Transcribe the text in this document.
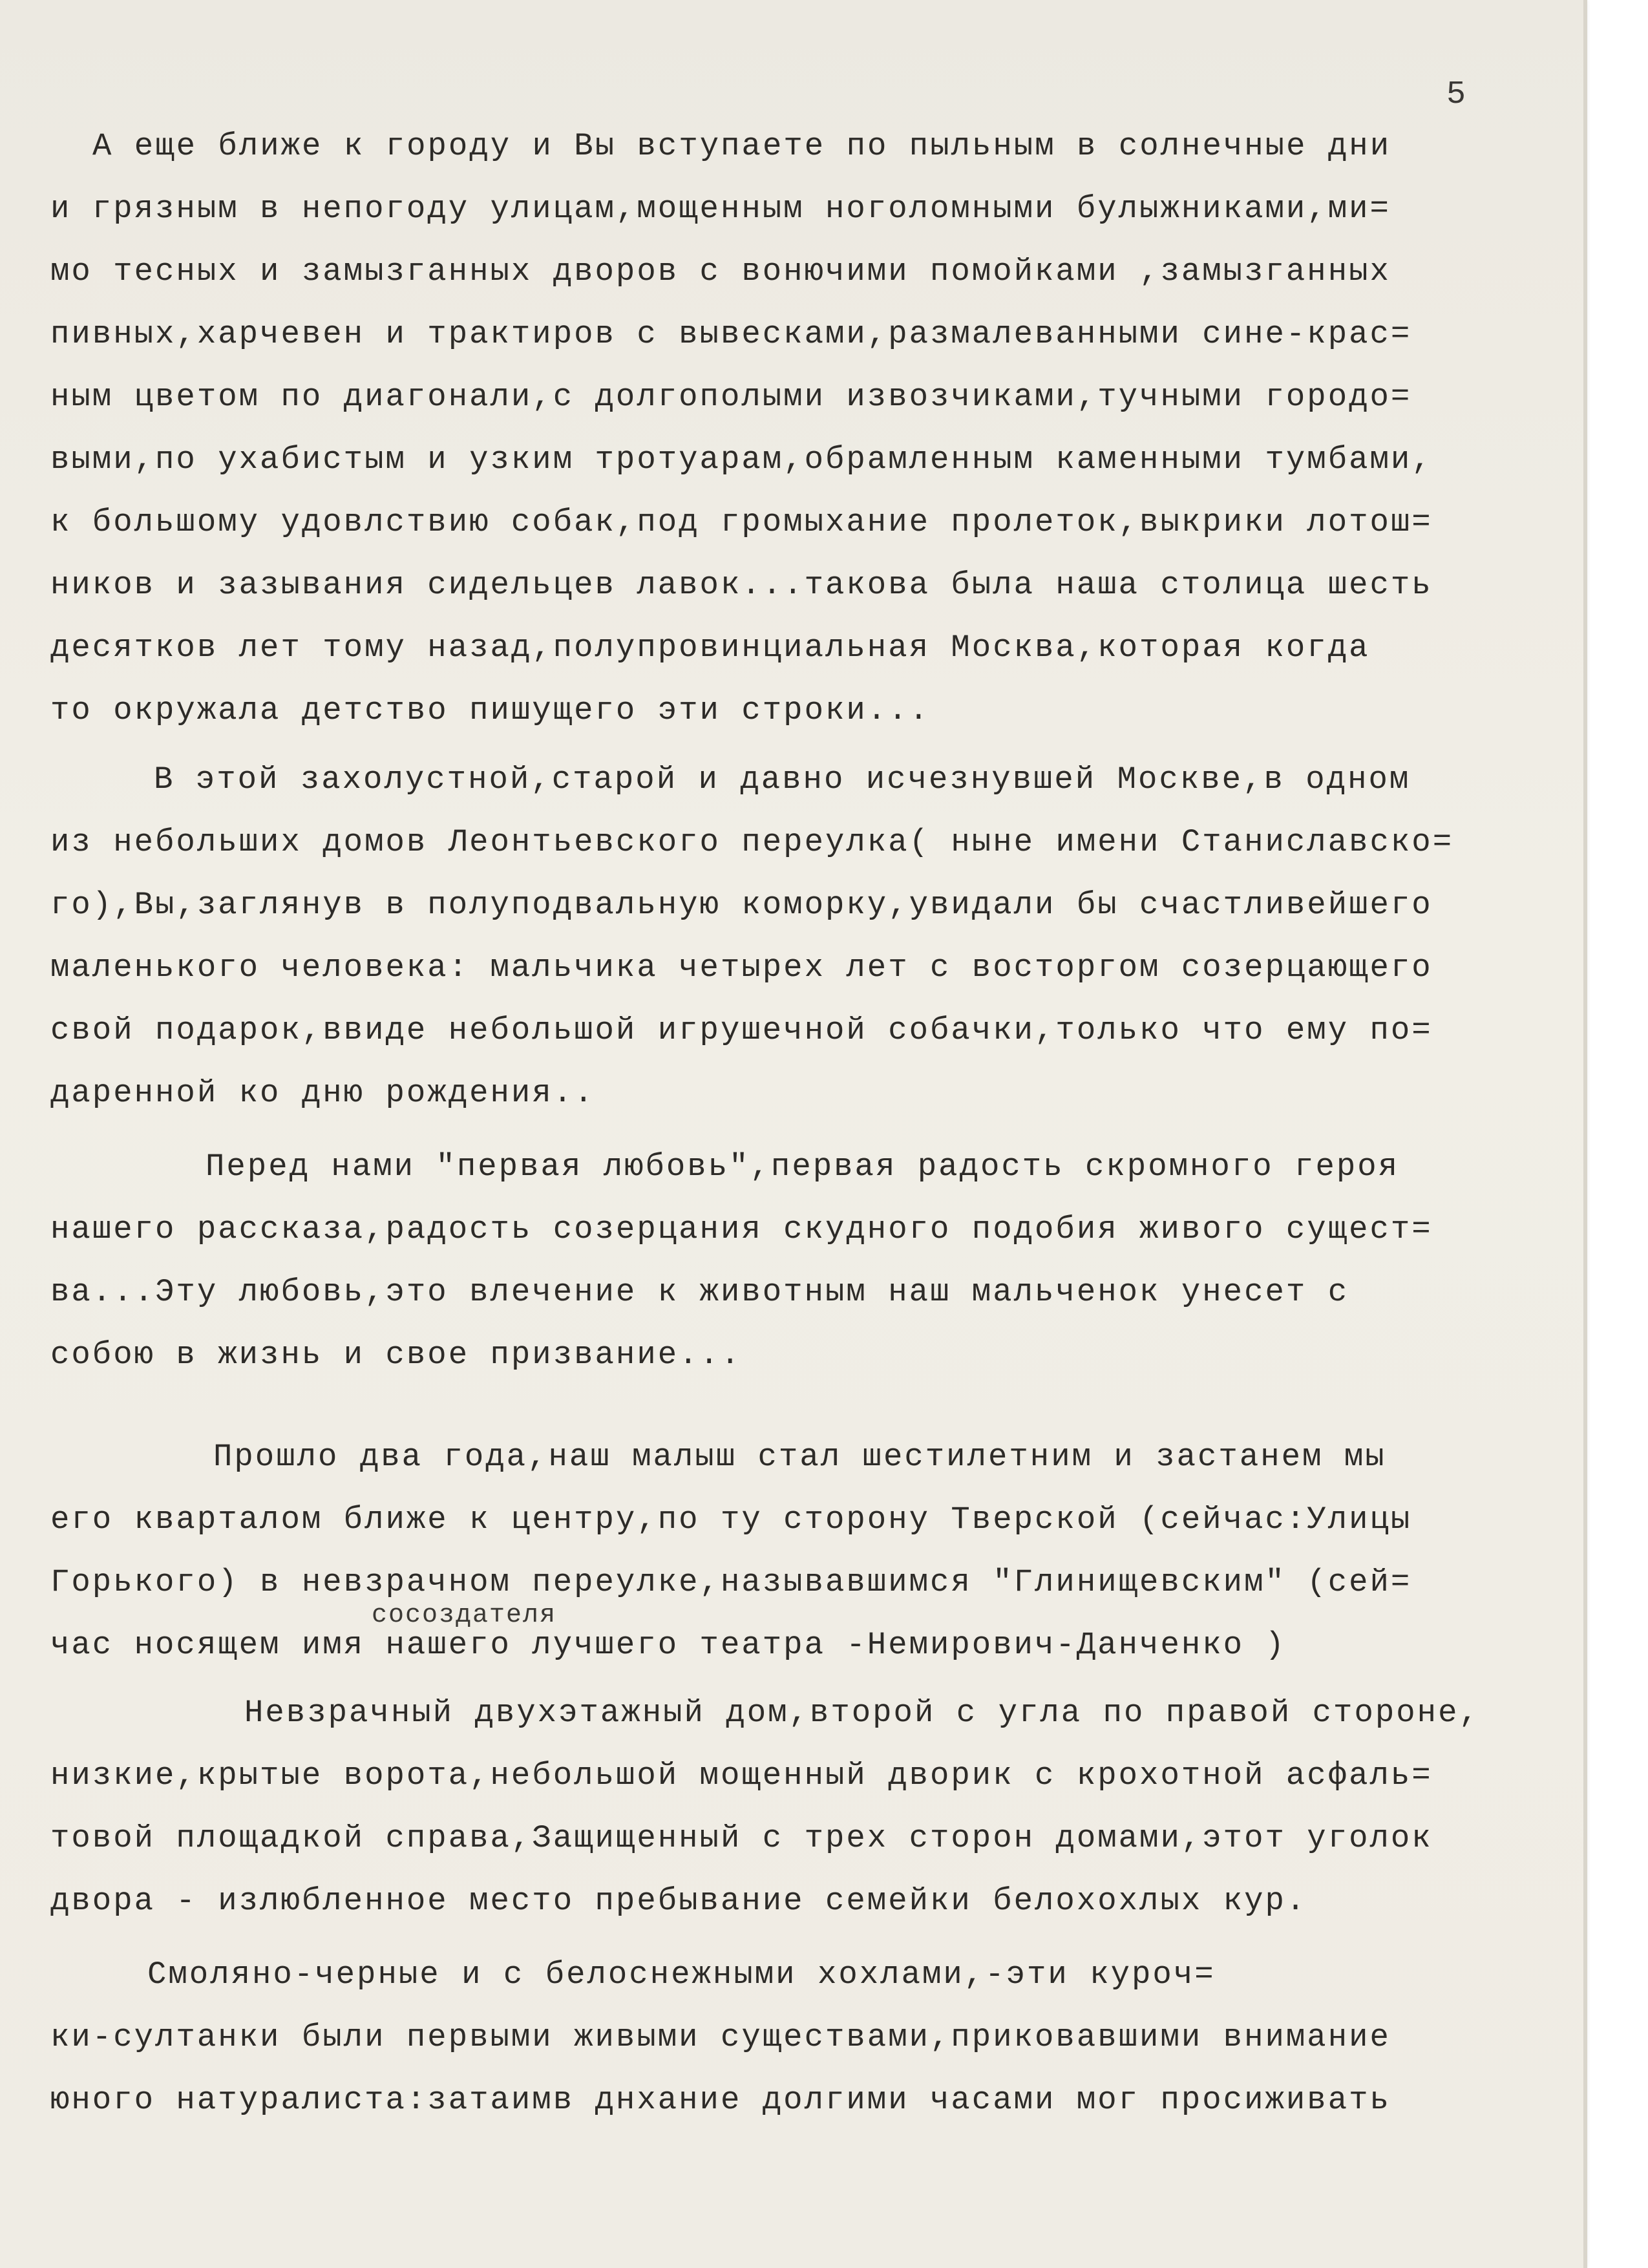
5
А еще ближе к городу и Вы вступаете по пыльным в солнечные дни
и грязным в непогоду улицам,мощенным ноголомными булыжниками,ми=
мо тесных и замызганных дворов с вонючими помойками ,замызганных
пивных,харчевен и трактиров с вывесками,размалеванными сине-крас=
ным цветом по диагонали,с долгополыми извозчиками,тучными городо=
выми,по ухабистым и узким тротуарам,обрамленным каменными тумбами,
к большому удовлствию собак,под громыхание пролеток,выкрики лотош=
ников и зазывания сидельцев лавок...такова была наша столица шесть
десятков лет тому назад,полупровинциальная Москва,которая когда
то окружала детство пишущего эти строки...
В этой захолустной,старой и давно исчезнувшей Москве,в одном
из небольших домов Леонтьевского переулка( ныне имени Станиславско=
го),Вы,заглянув в полуподвальную коморку,увидали бы счастливейшего
маленького человека: мальчика четырех лет с восторгом созерцающего
свой подарок,ввиде небольшой игрушечной собачки,только что ему по=
даренной ко дню рождения..
Перед нами "первая любовь",первая радость скромного героя
нашего рассказа,радость созерцания скудного подобия живого сущест=
ва...Эту любовь,это влечение к животным наш мальченок унесет с
собою в жизнь и свое призвание...
Прошло два года,наш малыш стал шестилетним и застанем мы
его кварталом ближе к центру,по ту сторону Тверской (сейчас:Улицы
Горького) в невзрачном переулке,называвшимся "Глинищевским" (сей=
сосоздателя
час носящем имя нашего лучшего театра -Немирович-Данченко )
Невзрачный двухэтажный дом,второй с угла по правой стороне,
низкие,крытые ворота,небольшой мощенный дворик с крохотной асфаль=
товой площадкой справа,Защищенный с трех сторон домами,этот уголок
двора - излюбленное место пребывание семейки белохохлых кур.
Смоляно-черные и с белоснежными хохлами,-эти куроч=
ки-султанки были первыми живыми существами,приковавшими внимание
юного натуралиста:затаимв днхание долгими часами мог просиживать
